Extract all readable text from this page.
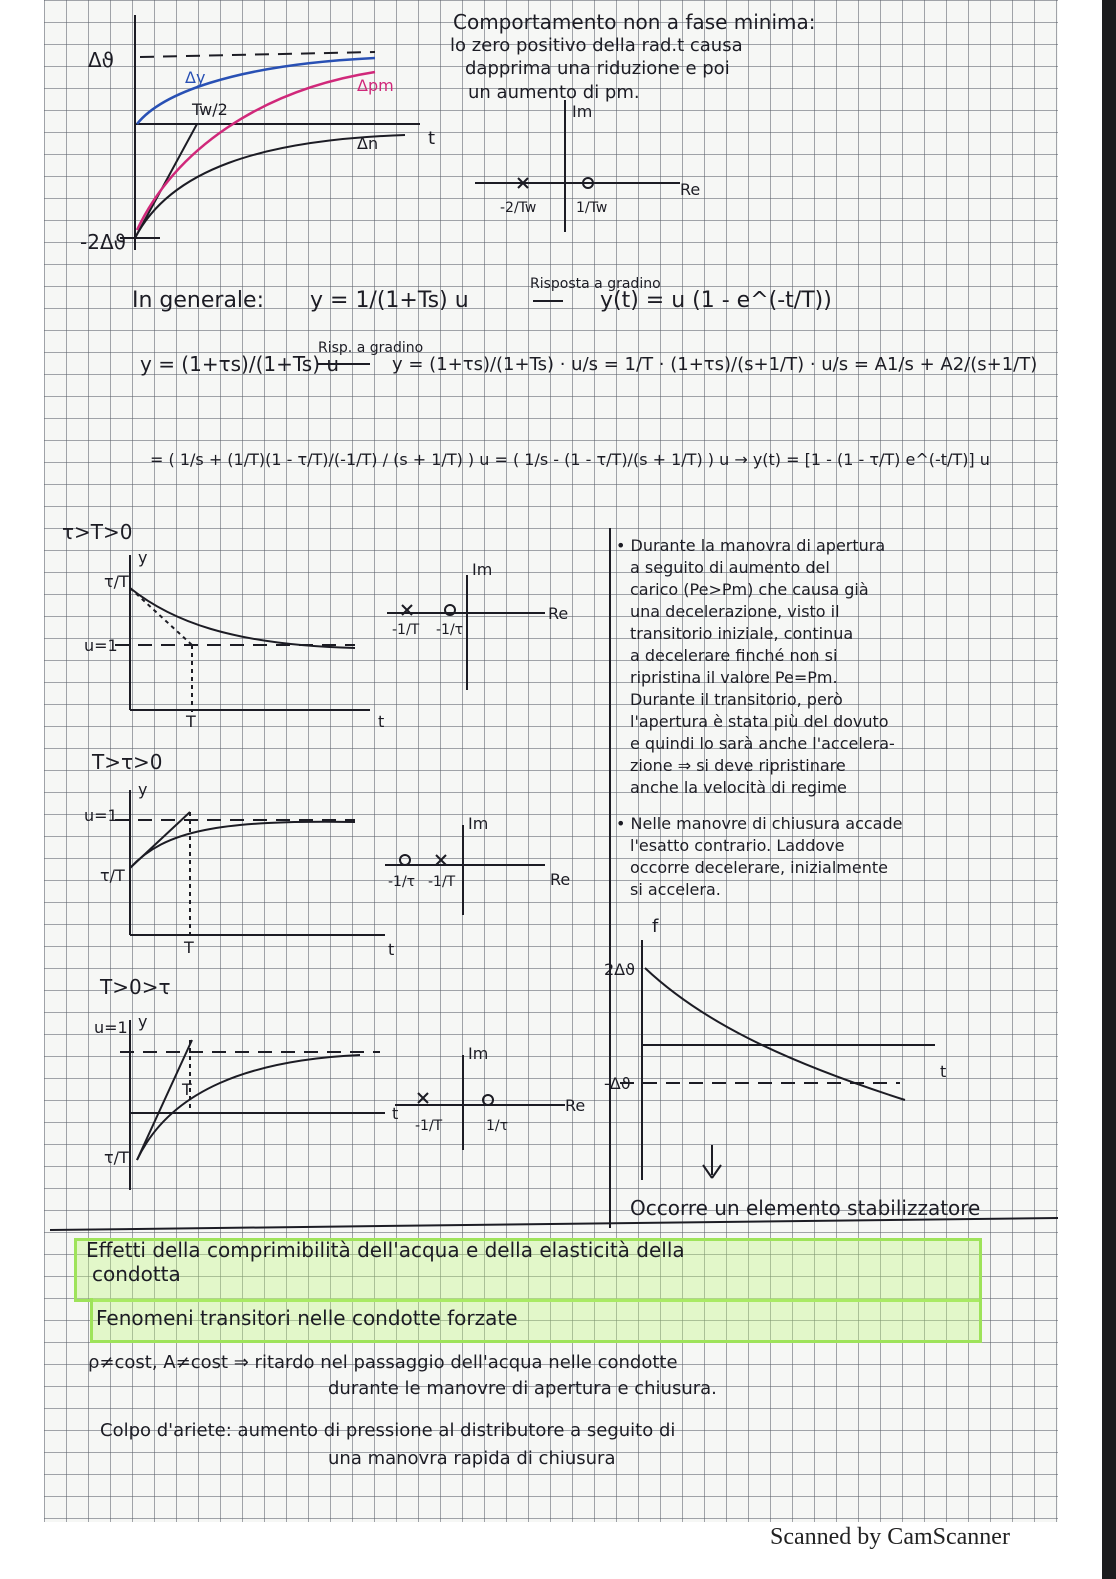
Δϑ
-2Δϑ
Tw/2
t
Δy	Δpm
Δn
Comportamento non a fase minima:
lo zero positivo della rad.t causa
dapprima una riduzione e poi
un aumento di pm.
Im
Re
-2/Tw	1/Tw
In generale: y = 1/(1+Ts) u
Risposta a gradino
y(t) = u (1 - e^(-t/T))
y = (1+τs)/(1+Ts) u
Risp. a gradino
y = (1+τs)/(1+Ts) · u/s = 1/T · (1+τs)/(s+1/T) · u/s = A1/s + A2/(s+1/T)
= ( 1/s + (1/T)(1 - τ/T)/(-1/T) / (s + 1/T) ) u = ( 1/s - (1 - τ/T)/(s + 1/T) ) u → y(t) = [1 - (1 - τ/T) e^(-t/T)] u
τ>T>0
y
τ/T
u=1
T	t
Im
Re
-1/T -1/τ
T>τ>0
y
u=1
τ/T
T	t
Im
Re
-1/τ -1/T
T>0>τ
y
u=1
τ/T
T
t
Im
Re
-1/T	1/τ
• Durante la manovra di apertura
a seguito di aumento del
carico (Pe>Pm) che causa già
una decelerazione, visto il
transitorio iniziale, continua
a decelerare finché non si
ripristina il valore Pe=Pm.
Durante il transitorio, però
l'apertura è stata più del dovuto
e quindi lo sarà anche l'accelera-
zione ⇒ si deve ripristinare
anche la velocità di regime
• Nelle manovre di chiusura accade
l'esatto contrario. Laddove
occorre decelerare, inizialmente
si accelera.
f
2Δϑ
-Δϑ
t
Occorre un elemento stabilizzatore
Effetti della comprimibilità dell'acqua e della elasticità della
condotta
Fenomeni transitori nelle condotte forzate
ρ≠cost, A≠cost ⇒ ritardo nel passaggio dell'acqua nelle condotte
durante le manovre di apertura e chiusura.
Colpo d'ariete: aumento di pressione al distributore a seguito di
una manovra rapida di chiusura
Scanned by CamScanner
